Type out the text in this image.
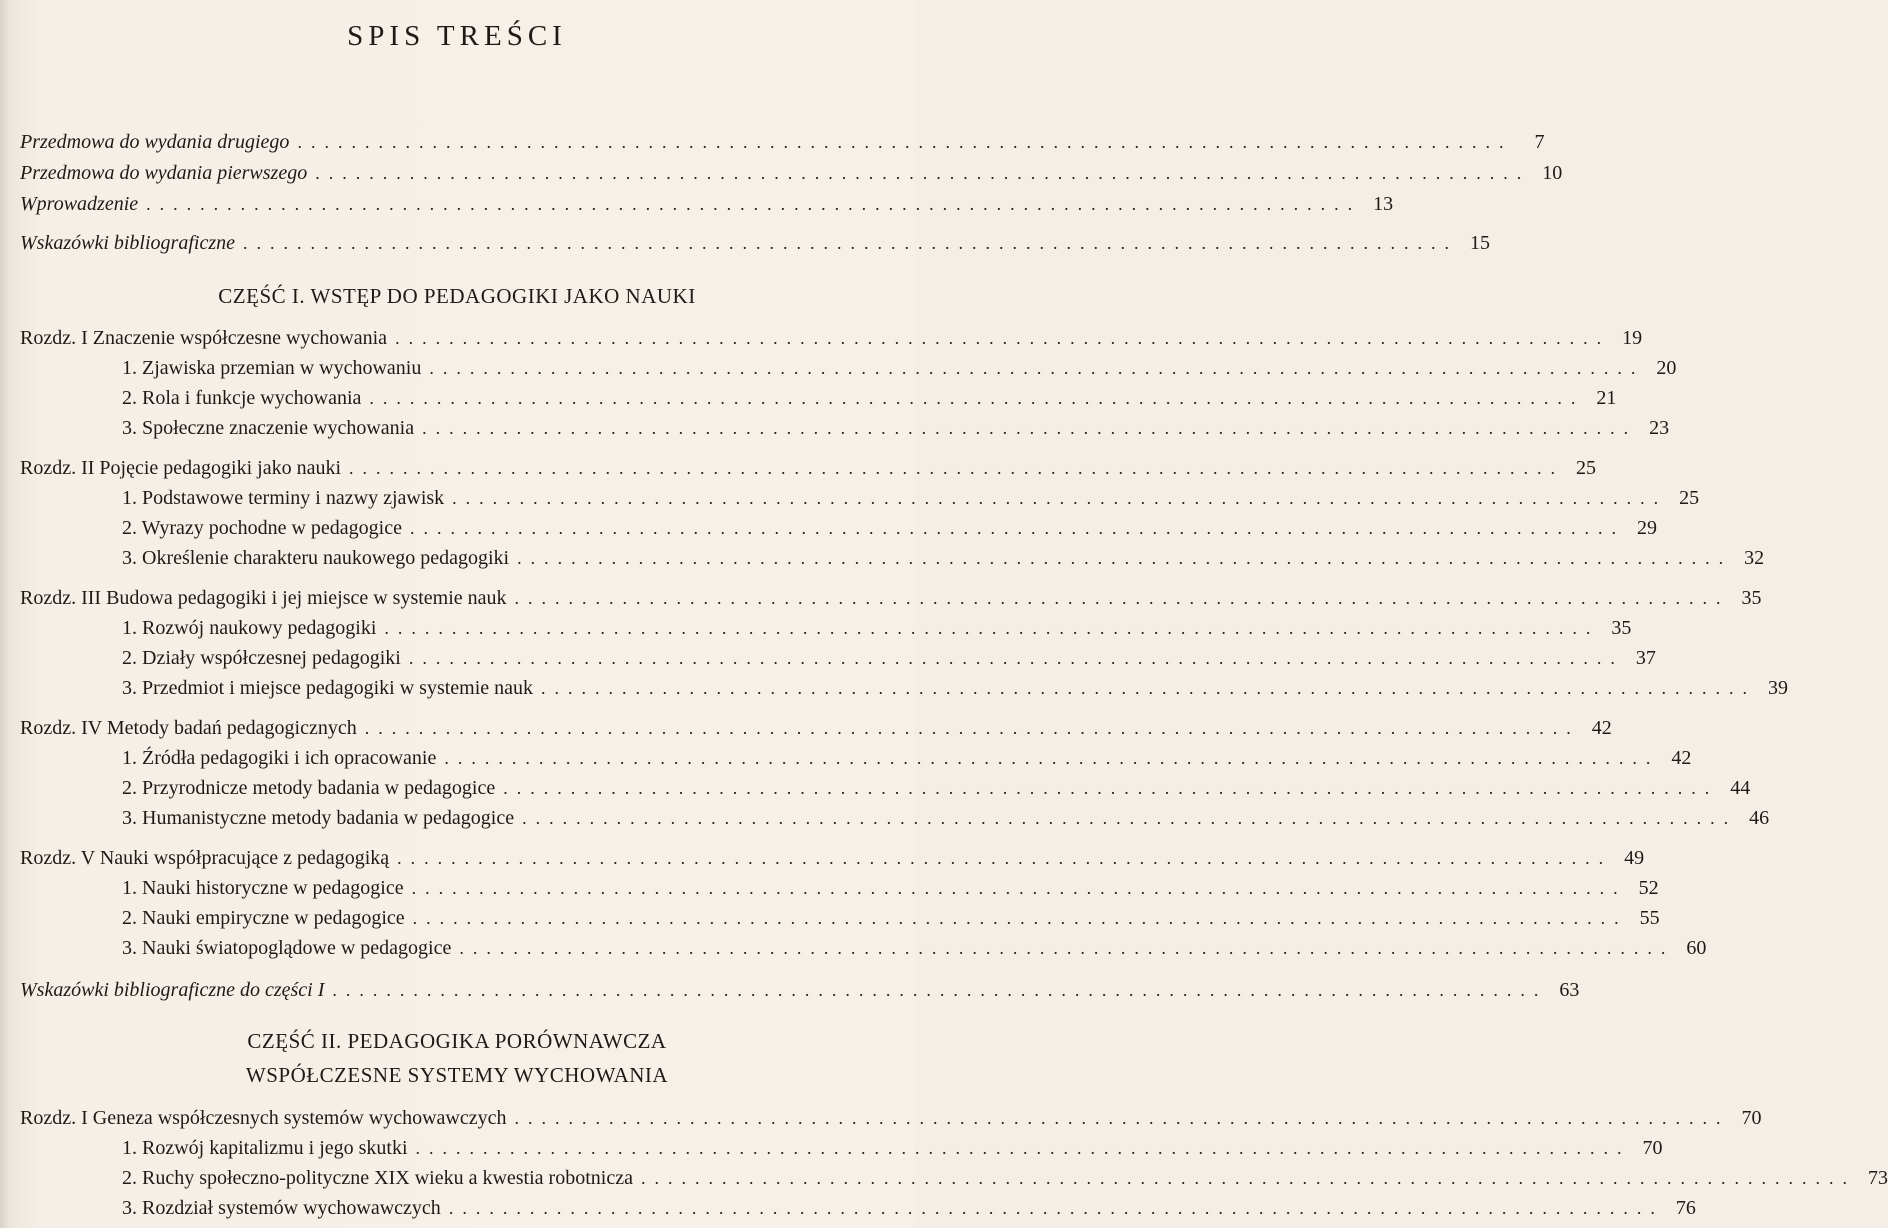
SPIS TREŚCI
Przedmowa do wydania drugiego ..........................................................................................	7
Przedmowa do wydania pierwszego .......................................................................................... 10
Wprowadzenie .......................................................................................... 13
Wskazówki bibliograficzne .......................................................................................... 15
CZĘŚĆ I. WSTĘP DO PEDAGOGIKI JAKO NAUKI
Rozdz. I Znaczenie współczesne wychowania .......................................................................................... 19
1. Zjawiska przemian w wychowaniu .......................................................................................... 20
2. Rola i funkcje wychowania .......................................................................................... 21
3. Społeczne znaczenie wychowania .......................................................................................... 23
Rozdz. II Pojęcie pedagogiki jako nauki .......................................................................................... 25
1. Podstawowe terminy i nazwy zjawisk .......................................................................................... 25
2. Wyrazy pochodne w pedagogice .......................................................................................... 29
3. Określenie charakteru naukowego pedagogiki .......................................................................................... 32
Rozdz. III Budowa pedagogiki i jej miejsce w systemie nauk .......................................................................................... 35
1. Rozwój naukowy pedagogiki .......................................................................................... 35
2. Działy współczesnej pedagogiki .......................................................................................... 37
3. Przedmiot i miejsce pedagogiki w systemie nauk .......................................................................................... 39
Rozdz. IV Metody badań pedagogicznych .......................................................................................... 42
1. Źródła pedagogiki i ich opracowanie .......................................................................................... 42
2. Przyrodnicze metody badania w pedagogice .......................................................................................... 44
3. Humanistyczne metody badania w pedagogice .......................................................................................... 46
Rozdz. V Nauki współpracujące z pedagogiką .......................................................................................... 49
1. Nauki historyczne w pedagogice .......................................................................................... 52
2. Nauki empiryczne w pedagogice .......................................................................................... 55
3. Nauki światopoglądowe w pedagogice .......................................................................................... 60
Wskazówki bibliograficzne do części I .......................................................................................... 63
CZĘŚĆ II. PEDAGOGIKA PORÓWNAWCZA
WSPÓŁCZESNE SYSTEMY WYCHOWANIA
Rozdz. I Geneza współczesnych systemów wychowawczych .......................................................................................... 70
1. Rozwój kapitalizmu i jego skutki .......................................................................................... 70
2. Ruchy społeczno-polityczne XIX wieku a kwestia robotnicza .......................................................................................... 73
3. Rozdział systemów wychowawczych .......................................................................................... 76
